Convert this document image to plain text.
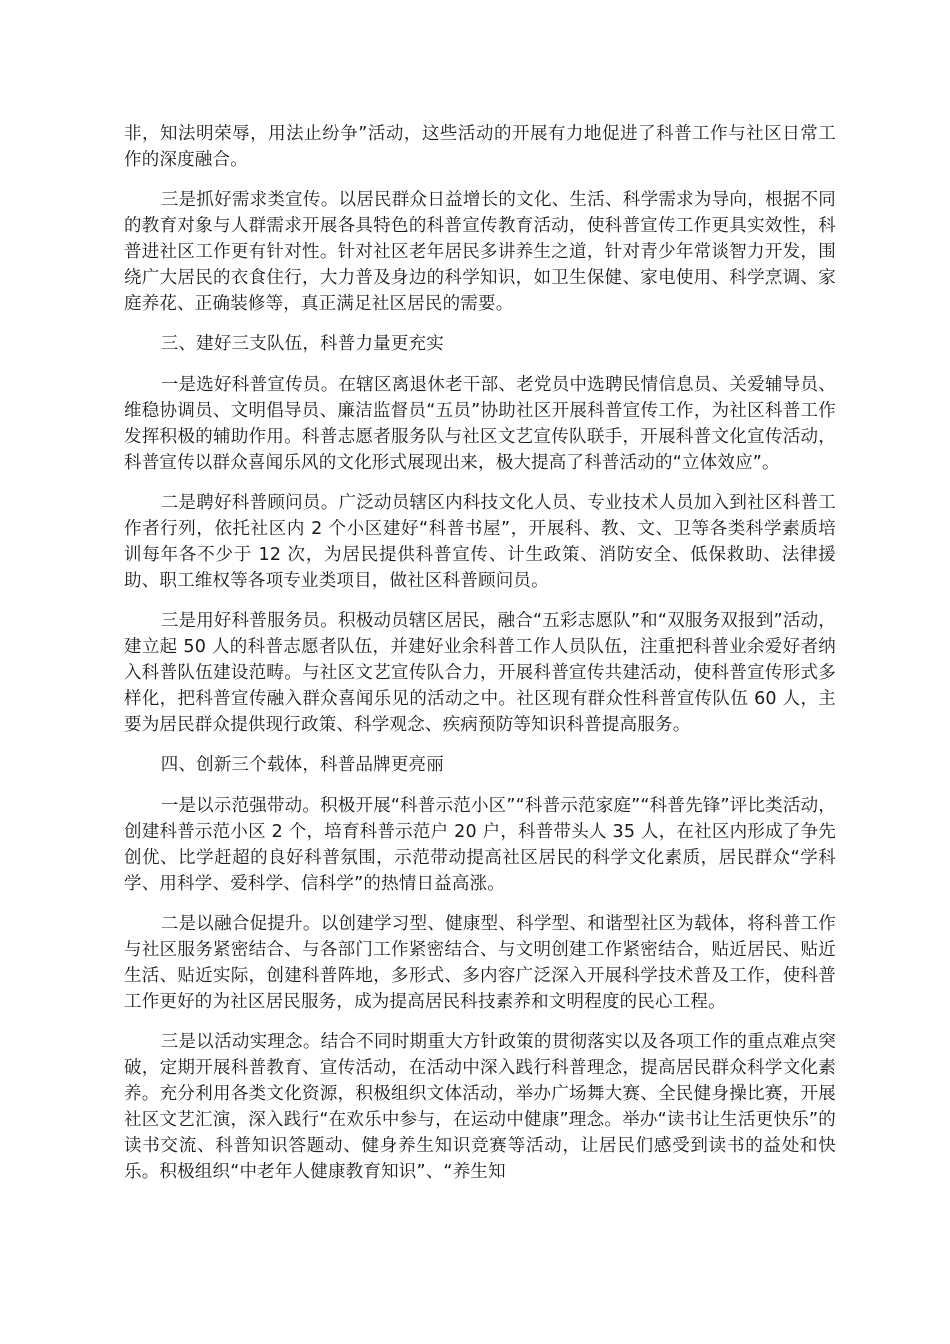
非，知法明荣辱，用法止纷争”活动，这些活动的开展有力地促进了科普工作与社区日常工作的深度融合。

三是抓好需求类宣传。以居民群众日益增长的文化、生活、科学需求为导向，根据不同的教育对象与人群需求开展各具特色的科普宣传教育活动，使科普宣传工作更具实效性，科普进社区工作更有针对性。针对社区老年居民多讲养生之道，针对青少年常谈智力开发，围绕广大居民的衣食住行，大力普及身边的科学知识，如卫生保健、家电使用、科学烹调、家庭养花、正确装修等，真正满足社区居民的需要。

三、建好三支队伍，科普力量更充实

一是选好科普宣传员。在辖区离退休老干部、老党员中选聘民情信息员、关爱辅导员、维稳协调员、文明倡导员、廉洁监督员“五员”协助社区开展科普宣传工作，为社区科普工作发挥积极的辅助作用。科普志愿者服务队与社区文艺宣传队联手，开展科普文化宣传活动，科普宣传以群众喜闻乐风的文化形式展现出来，极大提高了科普活动的“立体效应”。

二是聘好科普顾问员。广泛动员辖区内科技文化人员、专业技术人员加入到社区科普工作者行列，依托社区内 2 个小区建好“科普书屋”，开展科、教、文、卫等各类科学素质培训每年各不少于 12 次，为居民提供科普宣传、计生政策、消防安全、低保救助、法律援助、职工维权等各项专业类项目，做社区科普顾问员。

三是用好科普服务员。积极动员辖区居民，融合“五彩志愿队”和“双服务双报到”活动，建立起 50 人的科普志愿者队伍，并建好业余科普工作人员队伍，注重把科普业余爱好者纳入科普队伍建设范畴。与社区文艺宣传队合力，开展科普宣传共建活动，使科普宣传形式多样化，把科普宣传融入群众喜闻乐见的活动之中。社区现有群众性科普宣传队伍 60 人，主要为居民群众提供现行政策、科学观念、疾病预防等知识科普提高服务。

四、创新三个载体，科普品牌更亮丽

一是以示范强带动。积极开展“科普示范小区”“科普示范家庭”“科普先锋”评比类活动，创建科普示范小区 2 个，培育科普示范户 20 户，科普带头人 35 人，在社区内形成了争先创优、比学赶超的良好科普氛围，示范带动提高社区居民的科学文化素质，居民群众“学科学、用科学、爱科学、信科学”的热情日益高涨。

二是以融合促提升。以创建学习型、健康型、科学型、和谐型社区为载体，将科普工作与社区服务紧密结合、与各部门工作紧密结合、与文明创建工作紧密结合，贴近居民、贴近生活、贴近实际，创建科普阵地，多形式、多内容广泛深入开展科学技术普及工作，使科普工作更好的为社区居民服务，成为提高居民科技素养和文明程度的民心工程。

三是以活动实理念。结合不同时期重大方针政策的贯彻落实以及各项工作的重点难点突破，定期开展科普教育、宣传活动，在活动中深入践行科普理念，提高居民群众科学文化素养。充分利用各类文化资源，积极组织文体活动，举办广场舞大赛、全民健身操比赛，开展社区文艺汇演，深入践行“在欢乐中参与，在运动中健康”理念。举办“读书让生活更快乐”的读书交流、科普知识答题动、健身养生知识竞赛等活动，让居民们感受到读书的益处和快乐。积极组织“中老年人健康教育知识”、“养生知
